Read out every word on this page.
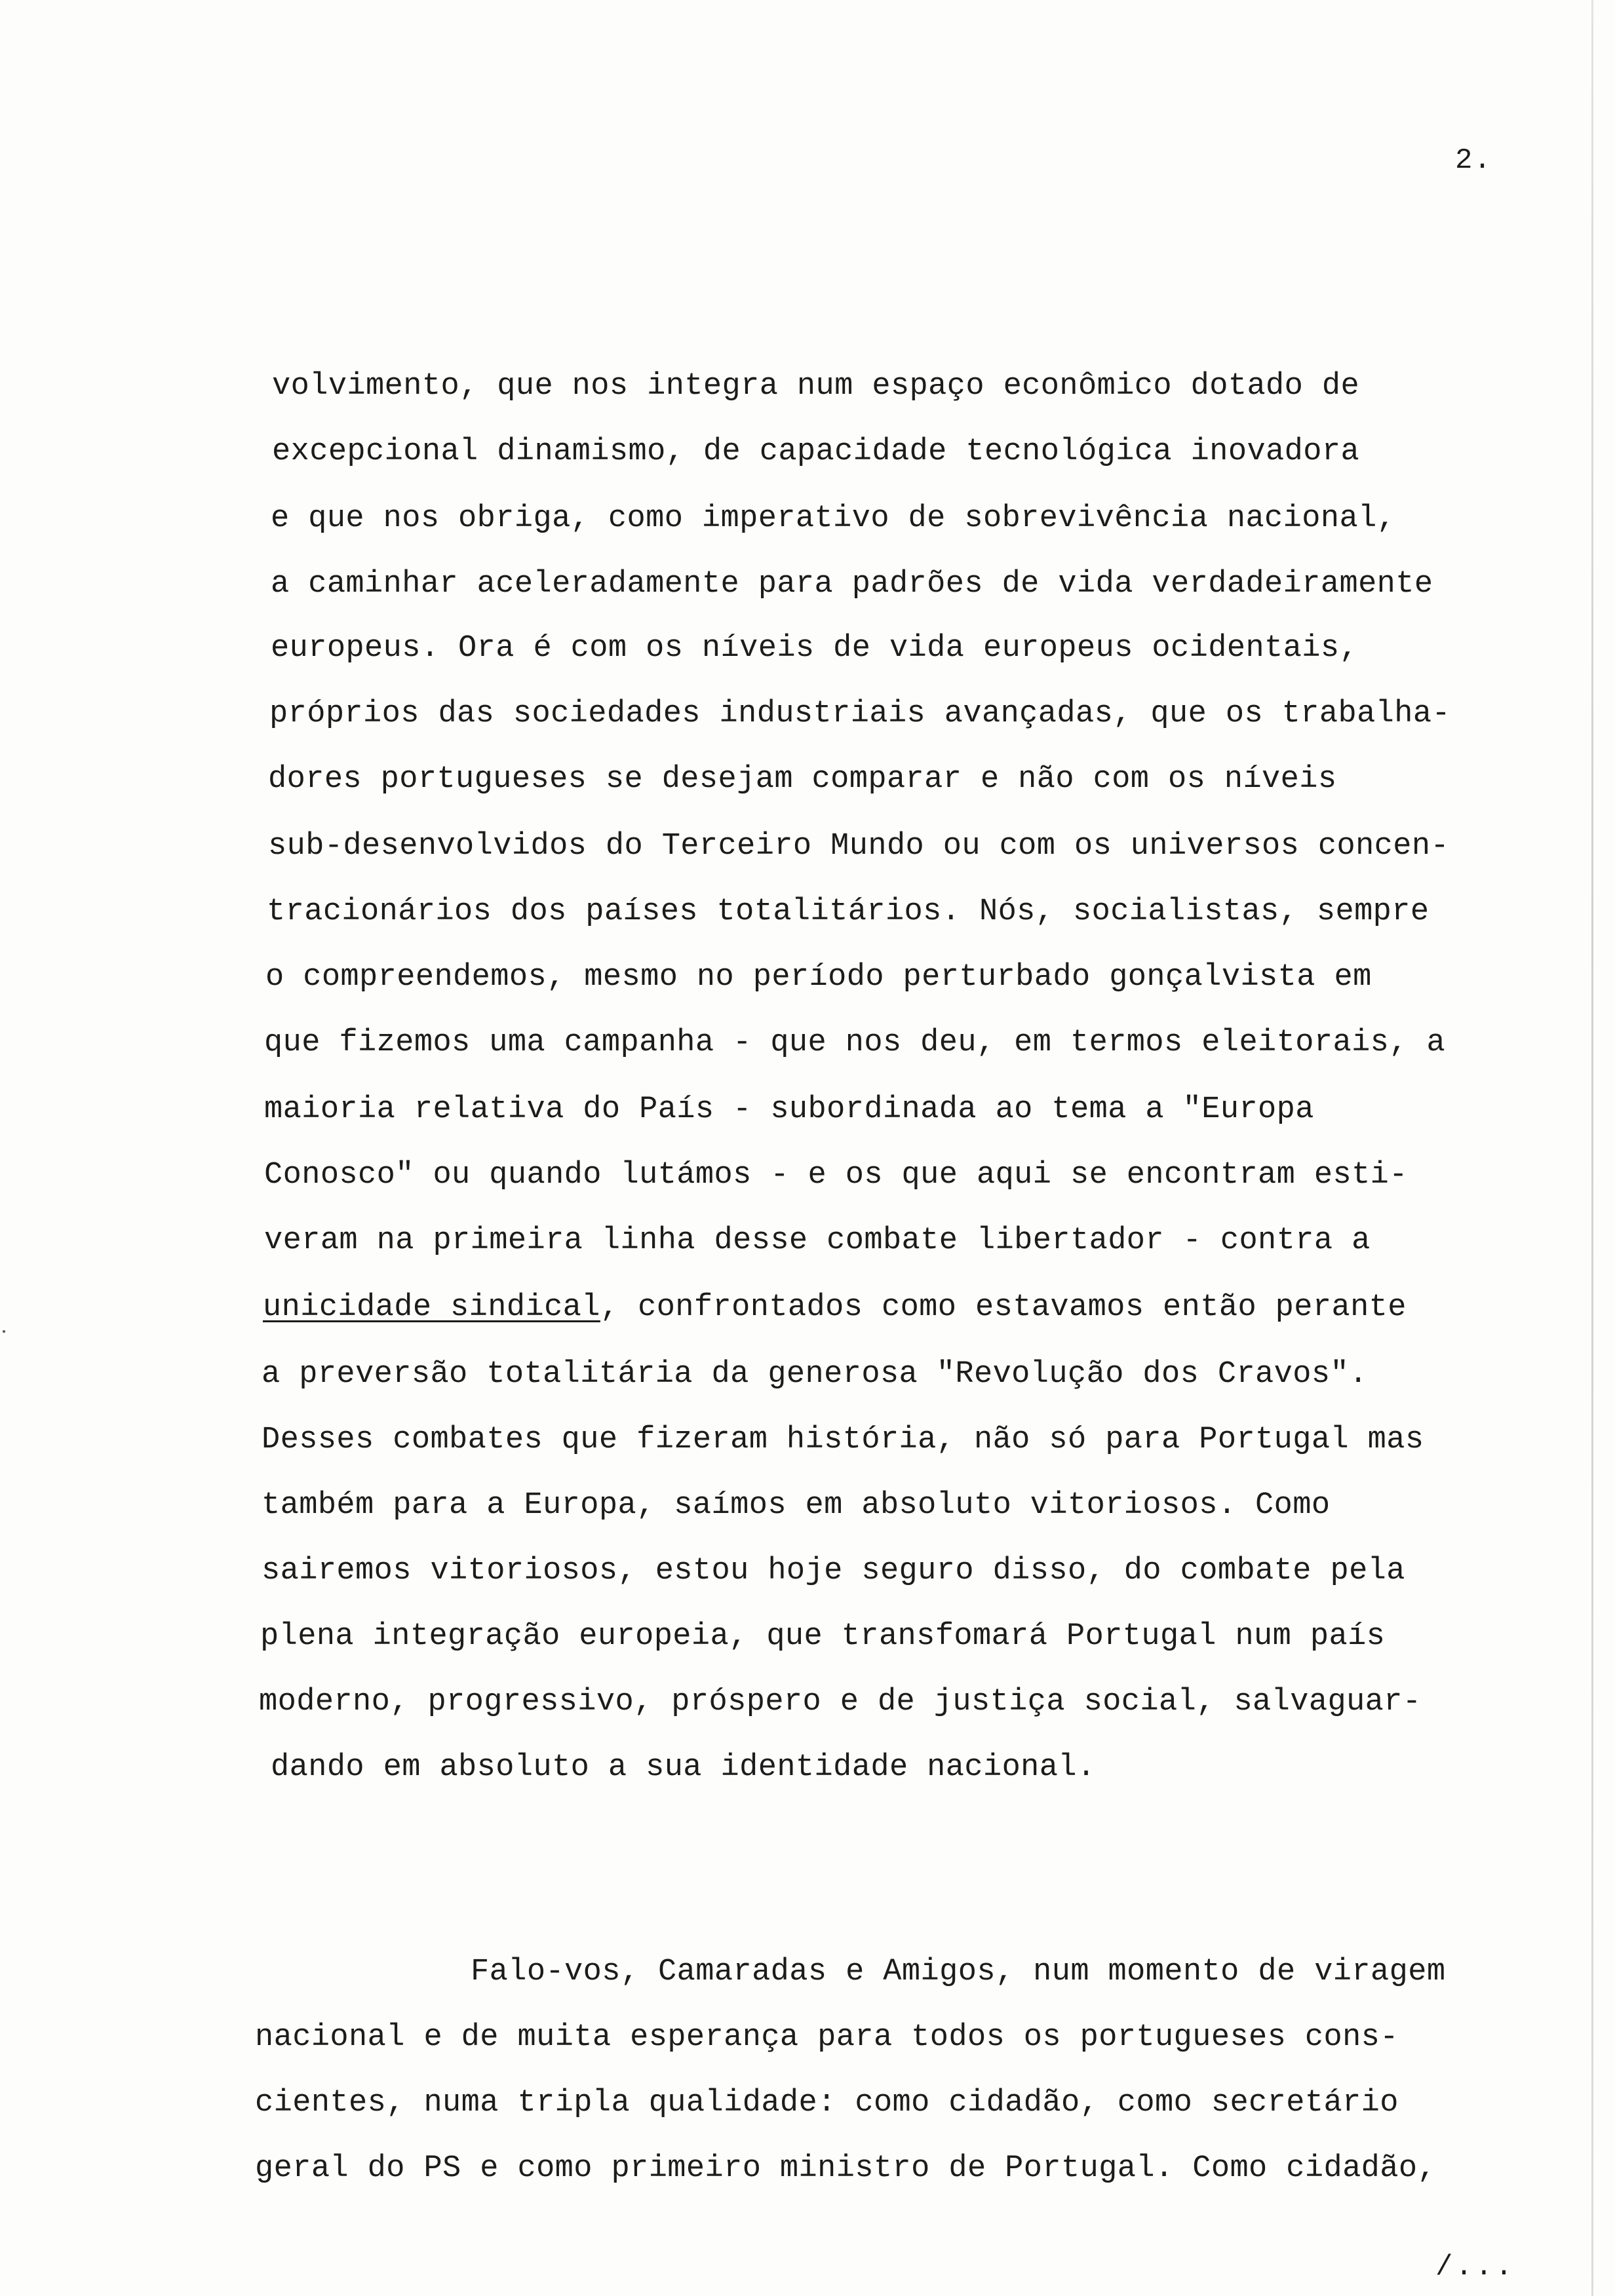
2.
volvimento, que nos integra num espaço econômico dotado de
excepcional dinamismo, de capacidade tecnológica inovadora
e que nos obriga, como imperativo de sobrevivência nacional,
a caminhar aceleradamente para padrões de vida verdadeiramente
europeus. Ora é com os níveis de vida europeus ocidentais,
próprios das sociedades industriais avançadas, que os trabalha-
dores portugueses se desejam comparar e não com os níveis
sub-desenvolvidos do Terceiro Mundo ou com os universos concen-
tracionários dos países totalitários. Nós, socialistas, sempre
o compreendemos, mesmo no período perturbado gonçalvista em
que fizemos uma campanha - que nos deu, em termos eleitorais, a
maioria relativa do País - subordinada ao tema a "Europa
Conosco" ou quando lutámos - e os que aqui se encontram esti-
veram na primeira linha desse combate libertador - contra a
unicidade sindical, confrontados como estavamos então perante
a preversão totalitária da generosa "Revolução dos Cravos".
Desses combates que fizeram história, não só para Portugal mas
também para a Europa, saímos em absoluto vitoriosos. Como
sairemos vitoriosos, estou hoje seguro disso, do combate pela
plena integração europeia, que transfomará Portugal num país
moderno, progressivo, próspero e de justiça social, salvaguar-
dando em absoluto a sua identidade nacional.
Falo-vos, Camaradas e Amigos, num momento de viragem
nacional e de muita esperança para todos os portugueses cons-
cientes, numa tripla qualidade: como cidadão, como secretário
geral do PS e como primeiro ministro de Portugal. Como cidadão,
/...
